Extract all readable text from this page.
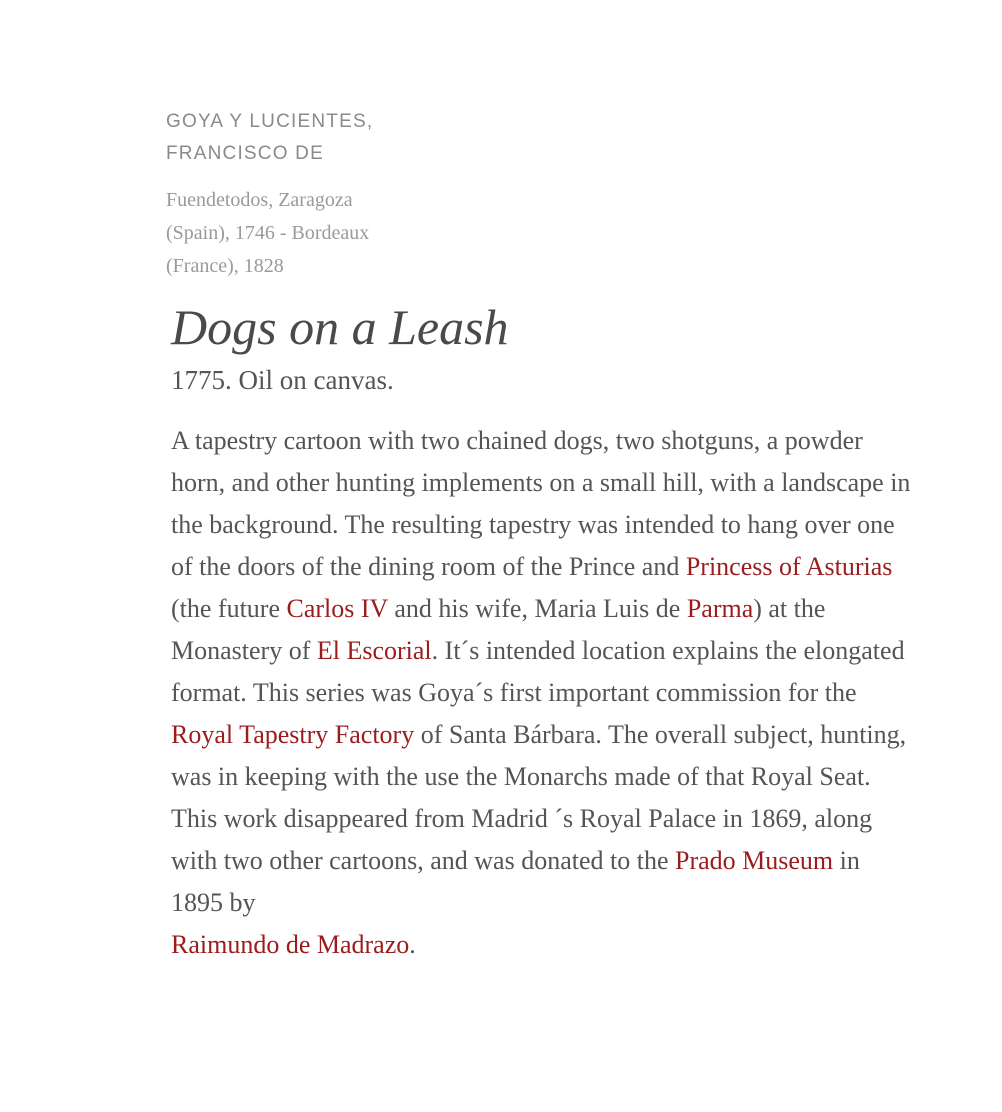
GOYA Y LUCIENTES,
FRANCISCO DE

Fuendetodos, Zaragoza (Spain), 1746 - Bordeaux (France), 1828

Dogs on a Leash

1775. Oil on canvas.

A tapestry cartoon with two chained dogs, two shotguns, a powder horn, and other hunting implements on a small hill, with a landscape in the background. The resulting tapestry was intended to hang over one of the doors of the dining room of the Prince and Princess of Asturias (the future Carlos IV and his wife, Maria Luis de Parma) at the Monastery of El Escorial. It´s intended location explains the elongated format. This series was Goya´s first important commission for the Royal Tapestry Factory of Santa Bárbara. The overall subject, hunting, was in keeping with the use the Monarchs made of that Royal Seat. This work disappeared from Madrid ´s Royal Palace in 1869, along with two other cartoons, and was donated to the Prado Museum in 1895 by
Raimundo de Madrazo.
